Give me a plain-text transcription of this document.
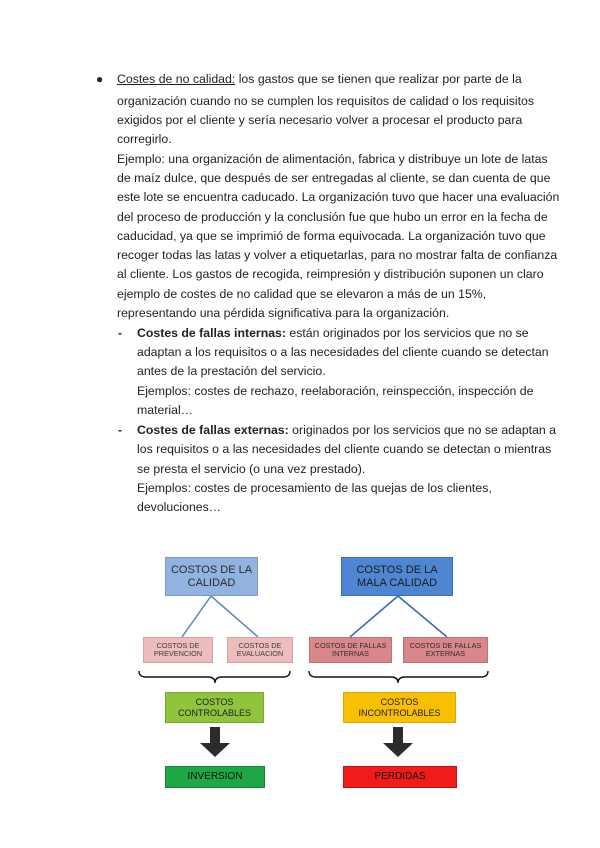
● Costes de no calidad: los gastos que se tienen que realizar por parte de la
organización cuando no se cumplen los requisitos de calidad o los requisitos
exigidos por el cliente y sería necesario volver a procesar el producto para
corregirlo.
Ejemplo: una organización de alimentación, fabrica y distribuye un lote de latas
de maíz dulce, que después de ser entregadas al cliente, se dan cuenta de que
este lote se encuentra caducado. La organización tuvo que hacer una evaluación
del proceso de producción y la conclusión fue que hubo un error en la fecha de
caducidad, ya que se imprimió de forma equivocada. La organización tuvo que
recoger todas las latas y volver a etiquetarlas, para no mostrar falta de confianza
al cliente. Los gastos de recogida, reimpresión y distribución suponen un claro
ejemplo de costes de no calidad que se elevaron a más de un 15%,
representando una pérdida significativa para la organización.
- Costes de fallas internas: están originados por los servicios que no se
adaptan a los requisitos o a las necesidades del cliente cuando se detectan
antes de la prestación del servicio.
Ejemplos: costes de rechazo, reelaboración, reinspección, inspección de
material…
- Costes de fallas externas: originados por los servicios que no se adaptan a
los requisitos o a las necesidades del cliente cuando se detectan o mientras
se presta el servicio (o una vez prestado).
Ejemplos: costes de procesamiento de las quejas de los clientes,
devoluciones…
COSTOS DE LA CALIDAD
COSTOS DE PREVENCION
COSTOS DE EVALUACION
COSTOS CONTROLABLES
INVERSION
COSTOS DE LA MALA CALIDAD
COSTOS DE FALLAS INTERNAS
COSTOS DE FALLAS EXTERNAS
COSTOS INCONTROLABLES
PERDIDAS
